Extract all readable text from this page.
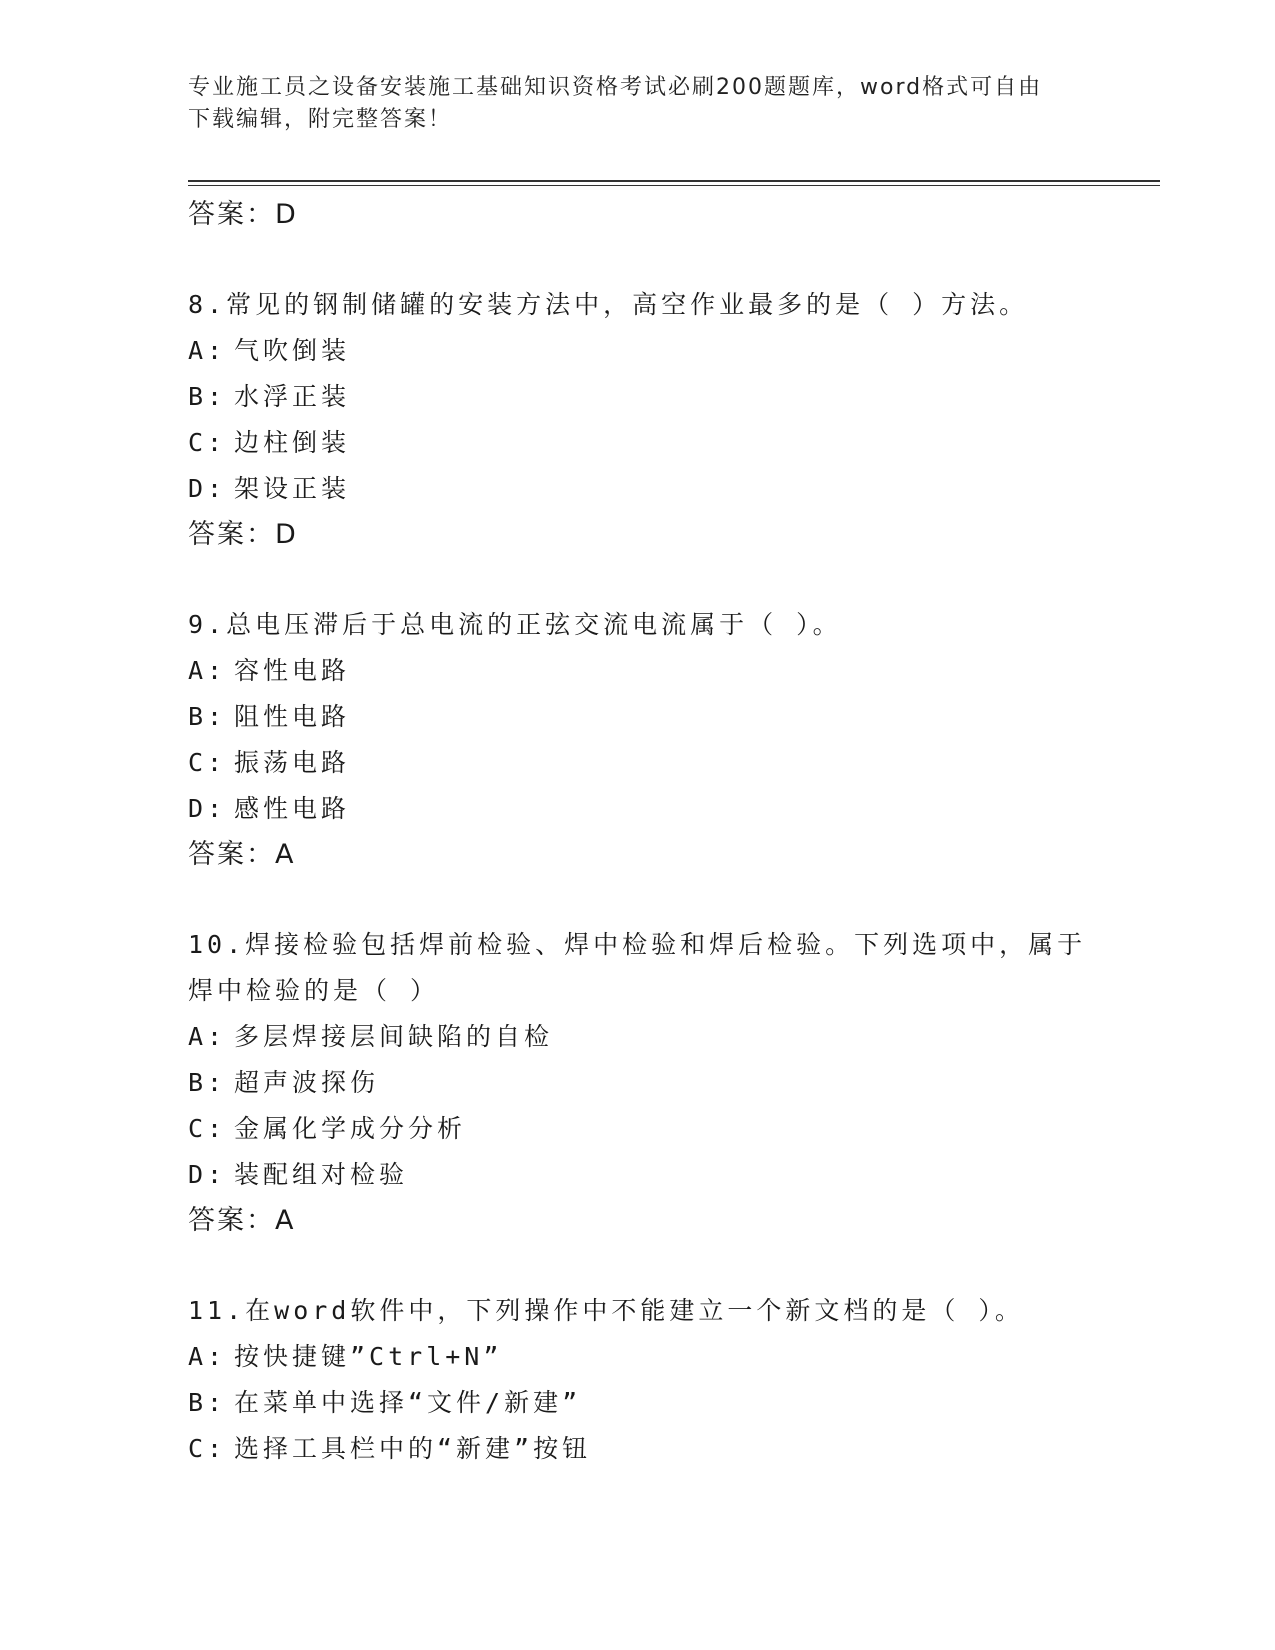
专业施工员之设备安装施工基础知识资格考试必刷200题题库，word格式可自由
下载编辑，附完整答案！
答案：D
8.常见的钢制储罐的安装方法中，高空作业最多的是（ ）方法。
A: 气吹倒装
B: 水浮正装
C: 边柱倒装
D: 架设正装
答案：D
9.总电压滞后于总电流的正弦交流电流属于（ ）。
A: 容性电路
B: 阻性电路
C: 振荡电路
D: 感性电路
答案：A
10.焊接检验包括焊前检验、焊中检验和焊后检验。下列选项中，属于
焊中检验的是（ ）
A: 多层焊接层间缺陷的自检
B: 超声波探伤
C: 金属化学成分分析
D: 装配组对检验
答案：A
11.在word软件中，下列操作中不能建立一个新文档的是（ ）。
A: 按快捷键”Ctrl+N”
B: 在菜单中选择“文件/新建”
C: 选择工具栏中的“新建”按钮
